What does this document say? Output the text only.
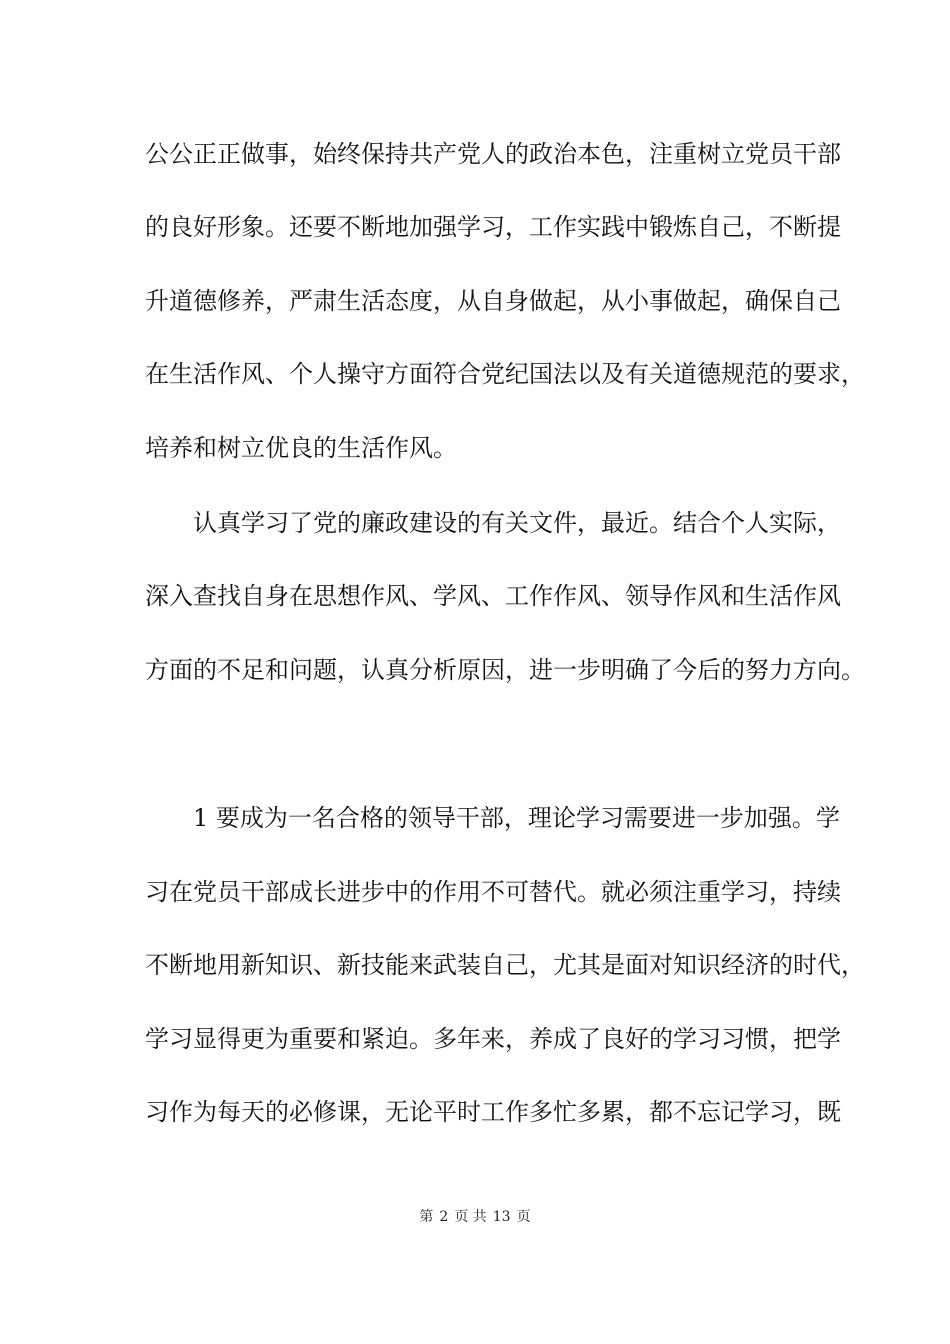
公公正正做事，始终保持共产党人的政治本色，注重树立党员干部
的良好形象。还要不断地加强学习，工作实践中锻炼自己，不断提
升道德修养，严肃生活态度，从自身做起，从小事做起，确保自己
在生活作风、个人操守方面符合党纪国法以及有关道德规范的要求，
培养和树立优良的生活作风。
认真学习了党的廉政建设的有关文件，最近。结合个人实际，
深入查找自身在思想作风、学风、工作作风、领导作风和生活作风
方面的不足和问题，认真分析原因，进一步明确了今后的努力方向。
1 要成为一名合格的领导干部，理论学习需要进一步加强。学
习在党员干部成长进步中的作用不可替代。就必须注重学习，持续
不断地用新知识、新技能来武装自己，尤其是面对知识经济的时代，
学习显得更为重要和紧迫。多年来，养成了良好的学习习惯，把学
习作为每天的必修课，无论平时工作多忙多累，都不忘记学习，既
第 2 页 共 13 页
